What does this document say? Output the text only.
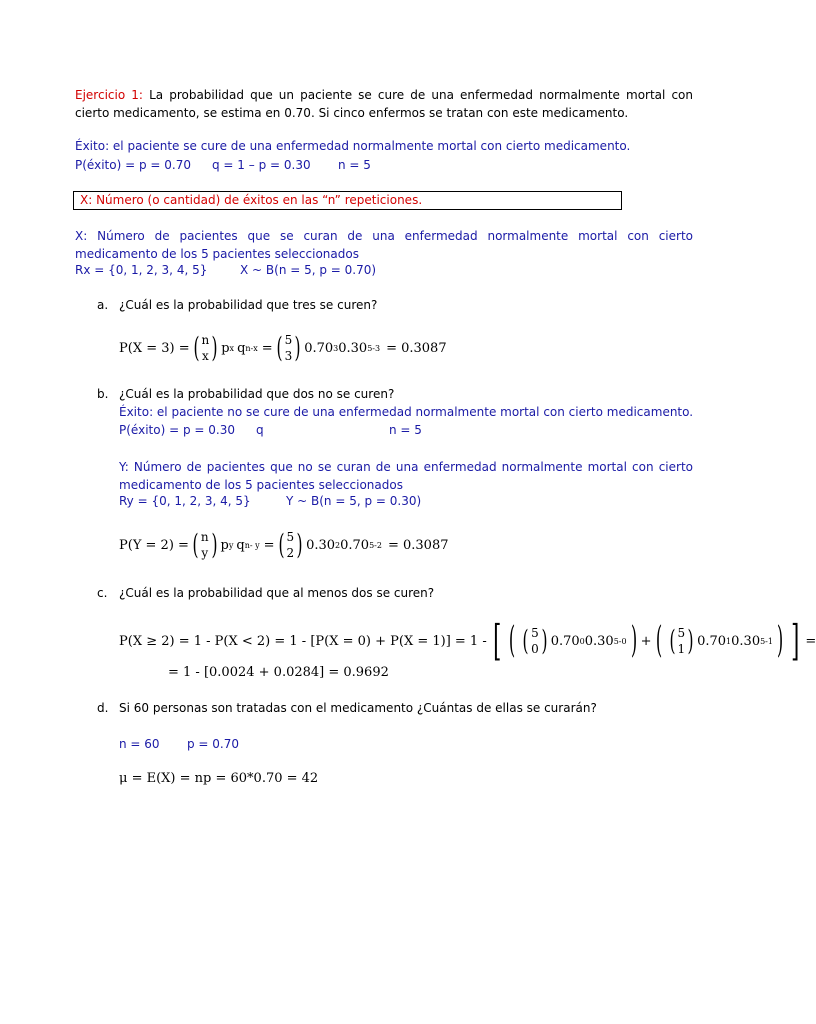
Ejercicio 1: La probabilidad que un paciente se cure de una enfermedad normalmente mortal con cierto medicamento, se estima en 0.70. Si cinco enfermos se tratan con este medicamento.
Éxito: el paciente se cure de una enfermedad normalmente mortal con cierto medicamento.
P(éxito) = p = 0.70 q = 1 – p = 0.30 n = 5
X: Número (o cantidad) de éxitos en las “n” repeticiones.
X: Número de pacientes que se curan de una enfermedad normalmente mortal con cierto medicamento de los 5 pacientes seleccionados
Rx = {0, 1, 2, 3, 4, 5}	X ~ B(n = 5, p = 0.70)
a. ¿Cuál es la probabilidad que tres se curen?
P(X = 3) = ( n
x ) p x q n-x = ( 5
3 ) 0.70 3 0.30 5-3 = 0.3087
b. ¿Cuál es la probabilidad que dos no se curen?
Éxito: el paciente no se cure de una enfermedad normalmente mortal con cierto medicamento.
P(éxito) = p = 0.30 q	n = 5
Y: Número de pacientes que no se curan de una enfermedad normalmente mortal con cierto medicamento de los 5 pacientes seleccionados
Ry = {0, 1, 2, 3, 4, 5}	Y ~ B(n = 5, p = 0.30)
P(Y = 2) = ( n
y ) p y q n- y = ( 5
2 ) 0.30 2 0.70 5-2 = 0.3087
c. ¿Cuál es la probabilidad que al menos dos se curen?
P(X ≥ 2) = 1 - P(X < 2) = 1 - [P(X = 0) + P(X = 1)] = 1 - [ ( ( 5
0 ) 0.70 0 0.30 5-0 ) + ( ( 5
1 ) 0.70 1 0.30 5-1 ) ] =
= 1 - [0.0024 + 0.0284] = 0.9692
d. Si 60 personas son tratadas con el medicamento ¿Cuántas de ellas se curarán?
n = 60 p = 0.70
μ = E(X) = np = 60*0.70 = 42
